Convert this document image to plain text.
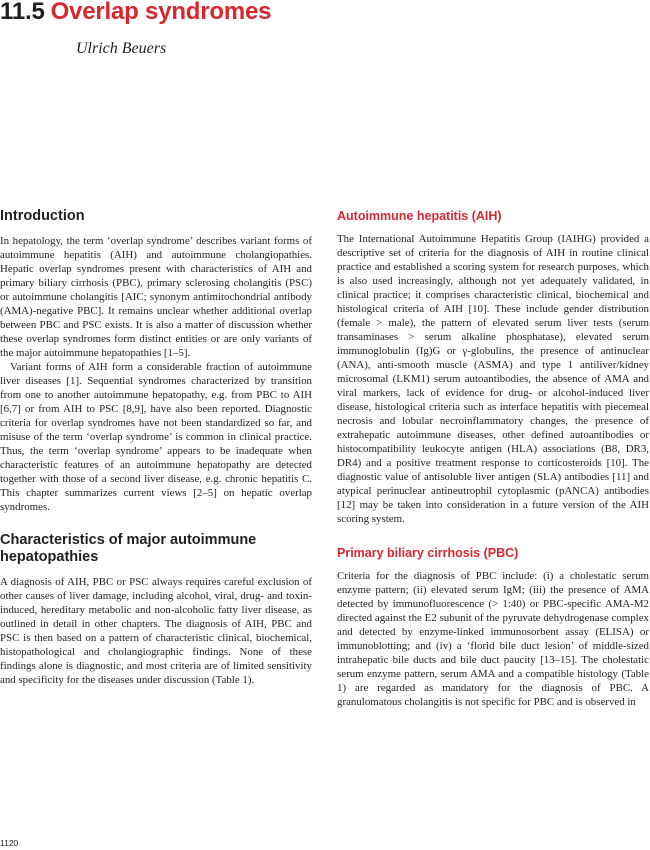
11.5 Overlap syndromes
Ulrich Beuers
Introduction

In hepatology, the term ‘overlap syndrome’ describes variant forms of autoimmune hepatitis (AIH) and autoimmune cholangiopathies. Hepatic overlap syndromes present with characteristics of AIH and primary biliary cirrhosis (PBC), primary sclerosing cholangitis (PSC) or autoimmune cholangitis [AIC; synonym antimitochondrial antibody (AMA)-negative PBC]. It remains unclear whether additional overlap between PBC and PSC exists. It is also a matter of discussion whether these overlap syndromes form distinct entities or are only variants of the major autoimmune hepatopathies [1–5].

Variant forms of AIH form a considerable fraction of autoimmune liver diseases [1]. Sequential syndromes characterized by transition from one to another autoimmune hepatopathy, e.g. from PBC to AIH [6,7] or from AIH to PSC [8,9], have also been reported. Diagnostic criteria for overlap syndromes have not been standardized so far, and misuse of the term ‘overlap syndrome’ is common in clinical practice. Thus, the term ‘overlap syndrome’ appears to be inadequate when characteristic features of an autoimmune hepatopathy are detected together with those of a second liver disease, e.g. chronic hepatitis C. This chapter summarizes current views [2–5] on hepatic overlap syndromes.

Characteristics of major autoimmune hepatopathies

A diagnosis of AIH, PBC or PSC always requires careful exclusion of other causes of liver damage, including alcohol, viral, drug- and toxin-induced, hereditary metabolic and non-alcoholic fatty liver disease, as outlined in detail in other chapters. The diagnosis of AIH, PBC and PSC is then based on a pattern of characteristic clinical, biochemical, histopathological and cholangiographic findings. None of these findings alone is diagnostic, and most criteria are of limited sensitivity and specificity for the diseases under discussion (Table 1).

Autoimmune hepatitis (AIH)

The International Autoimmune Hepatitis Group (IAIHG) provided a descriptive set of criteria for the diagnosis of AIH in routine clinical practice and established a scoring system for research purposes, which is also used increasingly, although not yet adequately validated, in clinical practice; it comprises characteristic clinical, biochemical and histological criteria of AIH [10]. These include gender distribution (female > male), the pattern of elevated serum liver tests (serum transaminases > serum alkaline phosphatase), elevated serum immunoglobulin (Ig)G or γ-globulins, the presence of antinuclear (ANA), anti-smooth muscle (ASMA) and type 1 antiliver/kidney microsomal (LKM1) serum autoantibodies, the absence of AMA and viral markers, lack of evidence for drug- or alcohol-induced liver disease, histological criteria such as interface hepatitis with piecemeal necrosis and lobular necroinflammatory changes, the presence of extrahepatic autoimmune diseases, other defined autoantibodies or histocompatibility leukocyte antigen (HLA) associations (B8, DR3, DR4) and a positive treatment response to corticosteroids [10]. The diagnostic value of antisoluble liver antigen (SLA) antibodies [11] and atypical perinuclear antineutrophil cytoplasmic (pANCA) antibodies [12] may be taken into consideration in a future version of the AIH scoring system.

Primary biliary cirrhosis (PBC)

Criteria for the diagnosis of PBC include: (i) a cholestatic serum enzyme pattern; (ii) elevated serum IgM; (iii) the presence of AMA detected by immunofluorescence (> 1:40) or PBC-specific AMA-M2 directed against the E2 subunit of the pyruvate dehydrogenase complex and detected by enzyme-linked immunosorbent assay (ELISA) or immunoblotting; and (iv) a ‘florid bile duct lesion’ of middle-sized intrahepatic bile ducts and bile duct paucity [13–15]. The cholestatic serum enzyme pattern, serum AMA and a compatible histology (Table 1) are regarded as mandatory for the diagnosis of PBC. A granulomatous cholangitis is not specific for PBC and is observed in

1120
